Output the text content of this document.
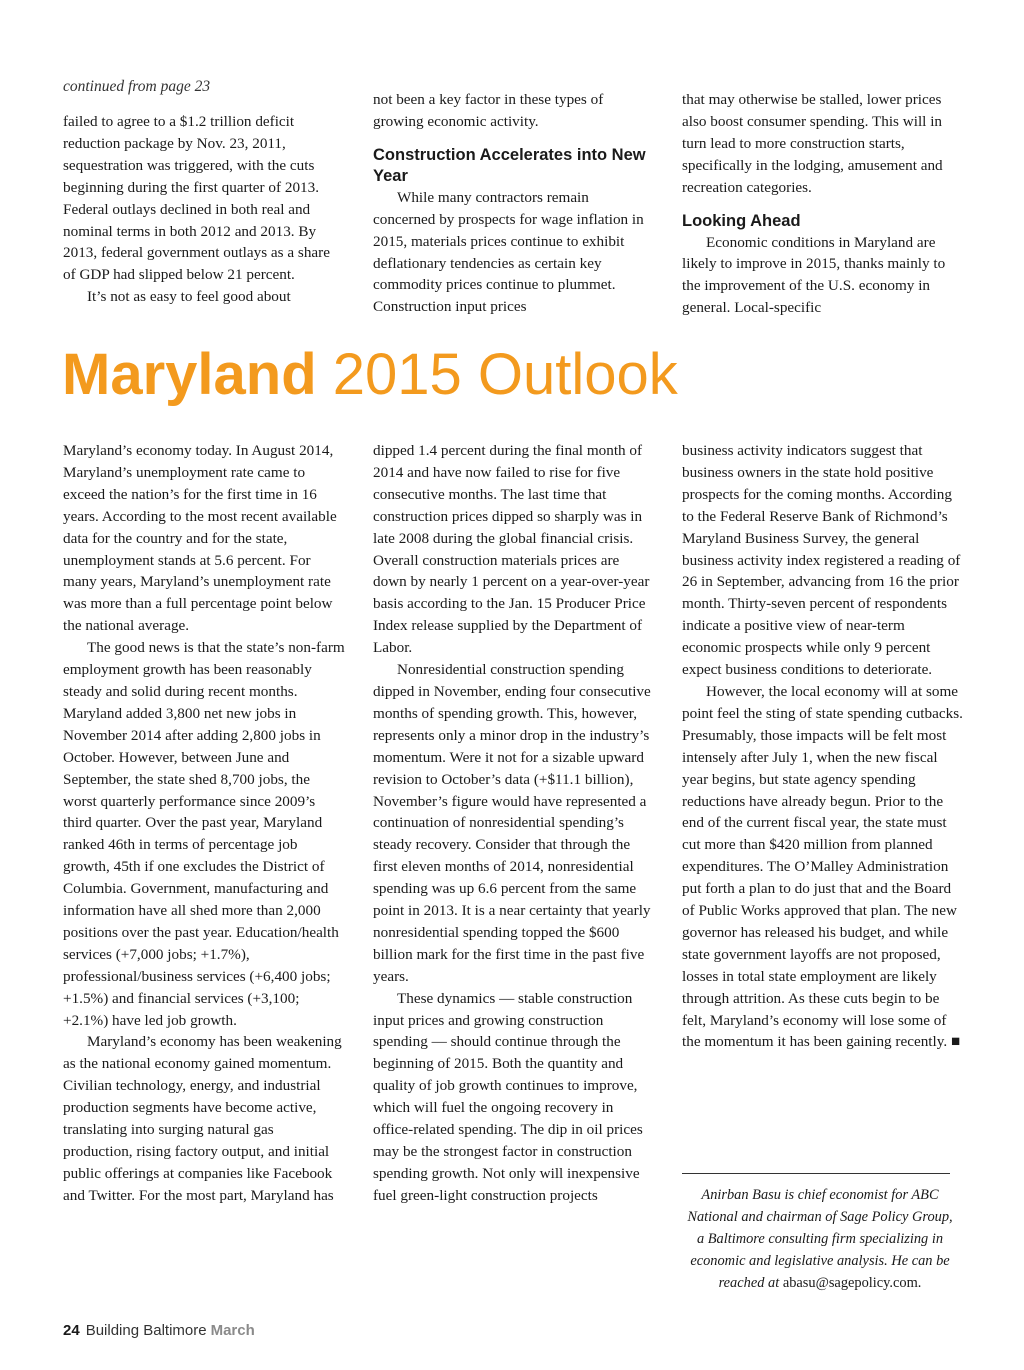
continued from page 23

failed to agree to a $1.2 trillion deficit reduction package by Nov. 23, 2011, sequestration was triggered, with the cuts beginning during the first quarter of 2013. Federal outlays declined in both real and nominal terms in both 2012 and 2013. By 2013, federal government outlays as a share of GDP had slipped below 21 percent.

It’s not as easy to feel good about

not been a key factor in these types of growing economic activity.

Construction Accelerates into New Year

While many contractors remain concerned by prospects for wage inflation in 2015, materials prices continue to exhibit deflationary tendencies as certain key commodity prices continue to plummet. Construction input prices

that may otherwise be stalled, lower prices also boost consumer spending. This will in turn lead to more construction starts, specifically in the lodging, amusement and recreation categories.

Looking Ahead

Economic conditions in Maryland are likely to improve in 2015, thanks mainly to the improvement of the U.S. economy in general. Local-specific

Maryland 2015 Outlook

Maryland’s economy today. In August 2014, Maryland’s unemployment rate came to exceed the nation’s for the first time in 16 years. According to the most recent available data for the country and for the state, unemployment stands at 5.6 percent. For many years, Maryland’s unemployment rate was more than a full percentage point below the national average.

The good news is that the state’s non-farm employment growth has been reasonably steady and solid during recent months. Maryland added 3,800 net new jobs in November 2014 after adding 2,800 jobs in October. However, between June and September, the state shed 8,700 jobs, the worst quarterly performance since 2009’s third quarter. Over the past year, Maryland ranked 46th in terms of percentage job growth, 45th if one excludes the District of Columbia. Government, manufacturing and information have all shed more than 2,000 positions over the past year. Education/health services (+7,000 jobs; +1.7%), professional/business services (+6,400 jobs; +1.5%) and financial services (+3,100; +2.1%) have led job growth.

Maryland’s economy has been weakening as the national economy gained momentum. Civilian technology, energy, and industrial production segments have become active, translating into surging natural gas production, rising factory output, and initial public offerings at companies like Facebook and Twitter. For the most part, Maryland has

dipped 1.4 percent during the final month of 2014 and have now failed to rise for five consecutive months. The last time that construction prices dipped so sharply was in late 2008 during the global financial crisis. Overall construction materials prices are down by nearly 1 percent on a year-over-year basis according to the Jan. 15 Producer Price Index release supplied by the Department of Labor.

Nonresidential construction spending dipped in November, ending four consecutive months of spending growth. This, however, represents only a minor drop in the industry’s momentum. Were it not for a sizable upward revision to October’s data (+$11.1 billion), November’s figure would have represented a continuation of nonresidential spending’s steady recovery. Consider that through the first eleven months of 2014, nonresidential spending was up 6.6 percent from the same point in 2013. It is a near certainty that yearly nonresidential spending topped the $600 billion mark for the first time in the past five years.

These dynamics — stable construction input prices and growing construction spending — should continue through the beginning of 2015. Both the quantity and quality of job growth continues to improve, which will fuel the ongoing recovery in office-related spending. The dip in oil prices may be the strongest factor in construction spending growth. Not only will inexpensive fuel green-light construction projects

business activity indicators suggest that business owners in the state hold positive prospects for the coming months. According to the Federal Reserve Bank of Richmond’s Maryland Business Survey, the general business activity index registered a reading of 26 in September, advancing from 16 the prior month. Thirty-seven percent of respondents indicate a positive view of near-term economic prospects while only 9 percent expect business conditions to deteriorate.

However, the local economy will at some point feel the sting of state spending cutbacks. Presumably, those impacts will be felt most intensely after July 1, when the new fiscal year begins, but state agency spending reductions have already begun. Prior to the end of the current fiscal year, the state must cut more than $420 million from planned expenditures. The O’Malley Administration put forth a plan to do just that and the Board of Public Works approved that plan. The new governor has released his budget, and while state government layoffs are not proposed, losses in total state employment are likely through attrition. As these cuts begin to be felt, Maryland’s economy will lose some of the momentum it has been gaining recently. ■

Anirban Basu is chief economist for ABC National and chairman of Sage Policy Group, a Baltimore consulting firm specializing in economic and legislative analysis. He can be reached at abasu@sagepolicy.com.
24 Building Baltimore March
